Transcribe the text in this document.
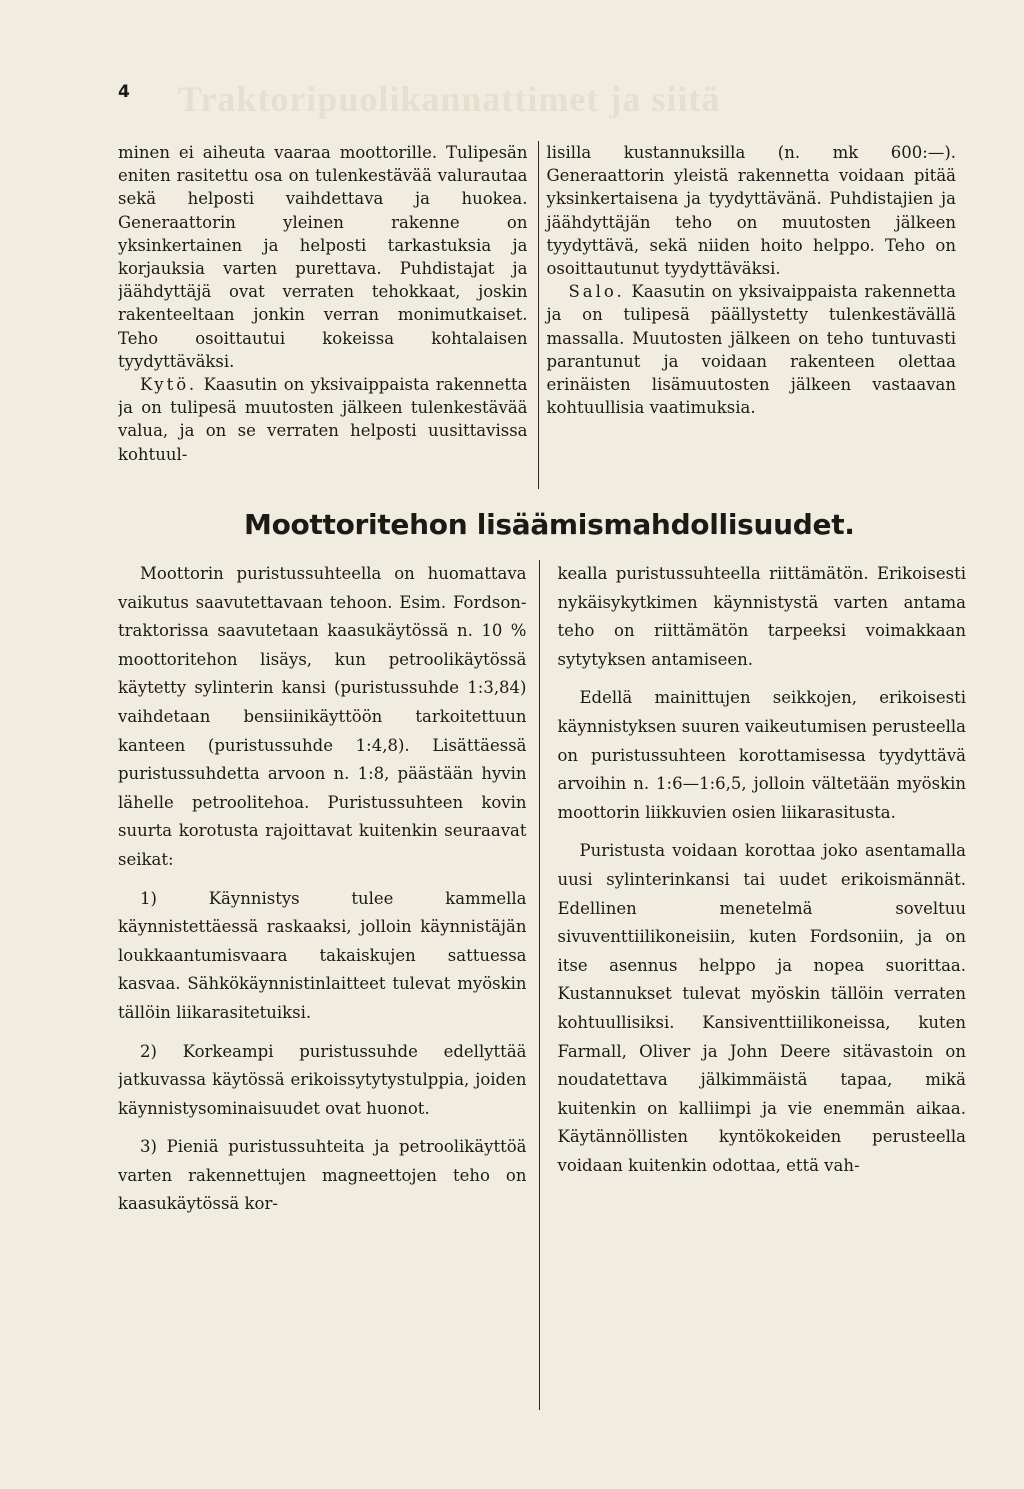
Traktoripuolikannattimet ja siitä
4

minen ei aiheuta vaaraa moottorille. Tulipesän eniten rasitettu osa on tulenkestävää valurautaa sekä helposti vaihdettava ja huokea. Generaattorin yleinen rakenne on yksinkertainen ja helposti tarkastuksia ja korjauksia varten purettava. Puhdistajat ja jäähdyttäjä ovat verraten tehokkaat, joskin rakenteeltaan jonkin verran monimutkaiset. Teho osoittautui kokeissa kohtalaisen tyydyttäväksi.

Kytö. Kaasutin on yksivaippaista rakennetta ja on tulipesä muutosten jälkeen tulenkestävää valua, ja on se verraten helposti uusittavissa kohtuul-

lisilla kustannuksilla (n. mk 600:—). Generaattorin yleistä rakennetta voidaan pitää yksinkertaisena ja tyydyttävänä. Puhdistajien ja jäähdyttäjän teho on muutosten jälkeen tyydyttävä, sekä niiden hoito helppo. Teho on osoittautunut tyydyttäväksi.

Salo. Kaasutin on yksivaippaista rakennetta ja on tulipesä päällystetty tulenkestävällä massalla. Muutosten jälkeen on teho tuntuvasti parantunut ja voidaan rakenteen olettaa erinäisten lisämuutosten jälkeen vastaavan kohtuullisia vaatimuksia.

Moottoritehon lisäämismahdollisuudet.

Moottorin puristussuhteella on huomattava vaikutus saavutettavaan tehoon. Esim. Fordson-traktorissa saavutetaan kaasukäytössä n. 10 % moottoritehon lisäys, kun petroolikäytössä käytetty sylinterin kansi (puristussuhde 1:3,84) vaihdetaan bensiinikäyttöön tarkoitettuun kanteen (puristussuhde 1:4,8). Lisättäessä puristussuhdetta arvoon n. 1:8, päästään hyvin lähelle petroolitehoa. Puristussuhteen kovin suurta korotusta rajoittavat kuitenkin seuraavat seikat:

1) Käynnistys tulee kammella käynnistettäessä raskaaksi, jolloin käynnistäjän loukkaantumisvaara takaiskujen sattuessa kasvaa. Sähkökäynnistinlaitteet tulevat myöskin tällöin liikarasitetuiksi.

2) Korkeampi puristussuhde edellyttää jatkuvassa käytössä erikoissytytystulppia, joiden käynnistysominaisuudet ovat huonot.

3) Pieniä puristussuhteita ja petroolikäyttöä varten rakennettujen magneettojen teho on kaasukäytössä kor-

kealla puristussuhteella riittämätön. Erikoisesti nykäisykytkimen käynnistystä varten antama teho on riittämätön tarpeeksi voimakkaan sytytyksen antamiseen.

Edellä mainittujen seikkojen, erikoisesti käynnistyksen suuren vaikeutumisen perusteella on puristussuhteen korottamisessa tyydyttävä arvoihin n. 1:6—1:6,5, jolloin vältetään myöskin moottorin liikkuvien osien liikarasitusta.

Puristusta voidaan korottaa joko asentamalla uusi sylinterinkansi tai uudet erikoismännät. Edellinen menetelmä soveltuu sivuventtiilikoneisiin, kuten Fordsoniin, ja on itse asennus helppo ja nopea suorittaa. Kustannukset tulevat myöskin tällöin verraten kohtuullisiksi. Kansiventtiilikoneissa, kuten Farmall, Oliver ja John Deere sitävastoin on noudatettava jälkimmäistä tapaa, mikä kuitenkin on kalliimpi ja vie enemmän aikaa. Käytännöllisten kyntökokeiden perusteella voidaan kuitenkin odottaa, että vah-
